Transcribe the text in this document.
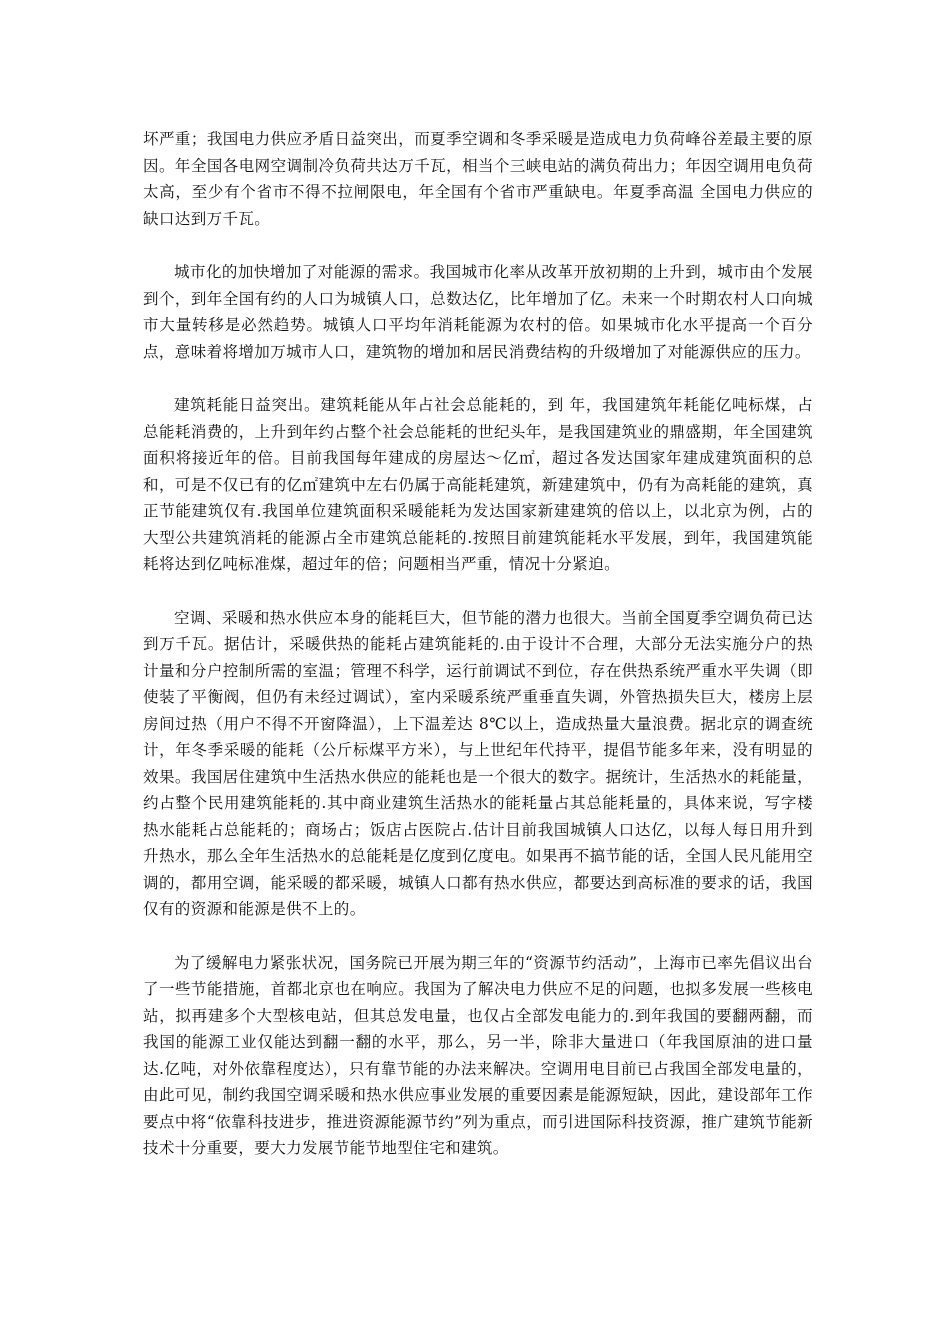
坏严重；我国电力供应矛盾日益突出，而夏季空调和冬季采暖是造成电力负荷峰谷差最主要的原因。年全国各电网空调制冷负荷共达万千瓦，相当个三峡电站的满负荷出力；年因空调用电负荷太高，至少有个省市不得不拉闸限电，年全国有个省市严重缺电。年夏季高温 全国电力供应的缺口达到万千瓦。

城市化的加快增加了对能源的需求。我国城市化率从改革开放初期的上升到，城市由个发展到个，到年全国有约的人口为城镇人口，总数达亿，比年增加了亿。未来一个时期农村人口向城市大量转移是必然趋势。城镇人口平均年消耗能源为农村的倍。如果城市化水平提高一个百分点，意味着将增加万城市人口，建筑物的增加和居民消费结构的升级增加了对能源供应的压力。

建筑耗能日益突出。建筑耗能从年占社会总能耗的，到 年，我国建筑年耗能亿吨标煤，占总能耗消费的，上升到年约占整个社会总能耗的世纪头年，是我国建筑业的鼎盛期，年全国建筑面积将接近年的倍。目前我国每年建成的房屋达～亿㎡，超过各发达国家年建成建筑面积的总和，可是不仅已有的亿㎡建筑中左右仍属于高能耗建筑，新建建筑中，仍有为高耗能的建筑，真正节能建筑仅有.我国单位建筑面积采暖能耗为发达国家新建建筑的倍以上，以北京为例，占的大型公共建筑消耗的能源占全市建筑总能耗的.按照目前建筑能耗水平发展，到年，我国建筑能耗将达到亿吨标准煤，超过年的倍；问题相当严重，情况十分紧迫。

空调、采暖和热水供应本身的能耗巨大，但节能的潜力也很大。当前全国夏季空调负荷已达到万千瓦。据估计，采暖供热的能耗占建筑能耗的.由于设计不合理，大部分无法实施分户的热计量和分户控制所需的室温；管理不科学，运行前调试不到位，存在供热系统严重水平失调（即使装了平衡阀，但仍有未经过调试），室内采暖系统严重垂直失调，外管热损失巨大，楼房上层房间过热（用户不得不开窗降温），上下温差达 8℃以上，造成热量大量浪费。据北京的调查统计，年冬季采暖的能耗（公斤标煤平方米），与上世纪年代持平，提倡节能多年来，没有明显的效果。我国居住建筑中生活热水供应的能耗也是一个很大的数字。据统计，生活热水的耗能量，约占整个民用建筑能耗的.其中商业建筑生活热水的能耗量占其总能耗量的，具体来说，写字楼热水能耗占总能耗的；商场占；饭店占医院占.估计目前我国城镇人口达亿，以每人每日用升到升热水，那么全年生活热水的总能耗是亿度到亿度电。如果再不搞节能的话，全国人民凡能用空调的，都用空调，能采暖的都采暖，城镇人口都有热水供应，都要达到高标准的要求的话，我国仅有的资源和能源是供不上的。

为了缓解电力紧张状况，国务院已开展为期三年的“资源节约活动”，上海市已率先倡议出台了一些节能措施，首都北京也在响应。我国为了解决电力供应不足的问题，也拟多发展一些核电站，拟再建多个大型核电站，但其总发电量，也仅占全部发电能力的.到年我国的要翻两翻，而我国的能源工业仅能达到翻一翻的水平，那么，另一半，除非大量进口（年我国原油的进口量达.亿吨，对外依靠程度达），只有靠节能的办法来解决。空调用电目前已占我国全部发电量的，由此可见，制约我国空调采暖和热水供应事业发展的重要因素是能源短缺，因此，建设部年工作要点中将“依靠科技进步，推进资源能源节约”列为重点，而引进国际科技资源，推广建筑节能新技术十分重要，要大力发展节能节地型住宅和建筑。
